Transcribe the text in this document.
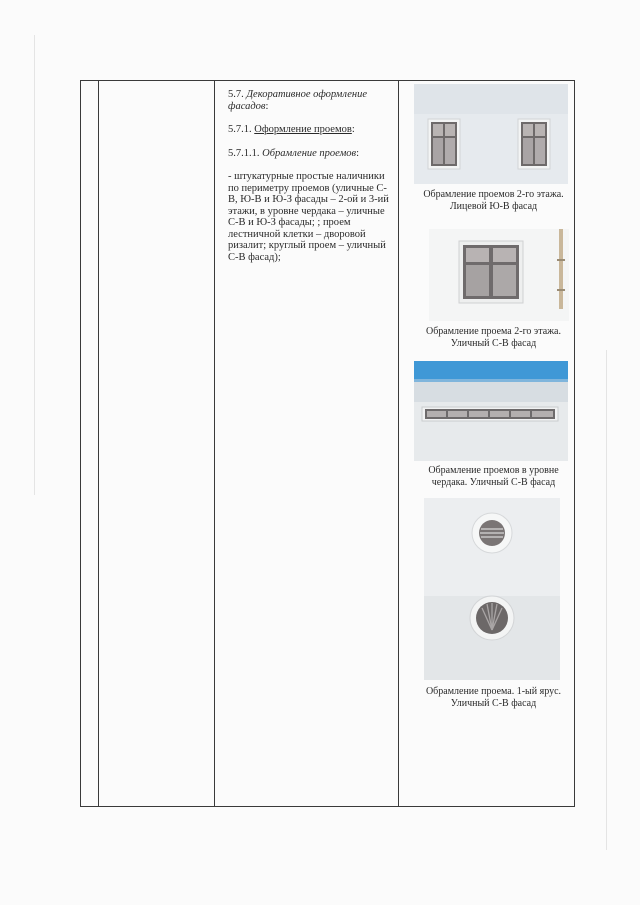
5.7. Декоративное оформление фасадов:

5.7.1. Оформление проемов:

5.7.1.1. Обрамление проемов:

- штукатурные простые наличники по периметру проемов (уличные С-В, Ю-В и Ю-З фасады – 2-ой и 3-ий этажи, в уровне чердака – уличные С-В и Ю-З фасады; ; проем лестничной клетки – дворовой ризалит; круглый проем – уличный С-В фасад);

Обрамление проемов 2-го этажа. Лицевой Ю-В фасад
Обрамление проема 2-го этажа. Уличный С-В фасад
Обрамление проемов в уровне чердака. Уличный С-В фасад
Обрамление проема. 1-ый ярус. Уличный С-В фасад
